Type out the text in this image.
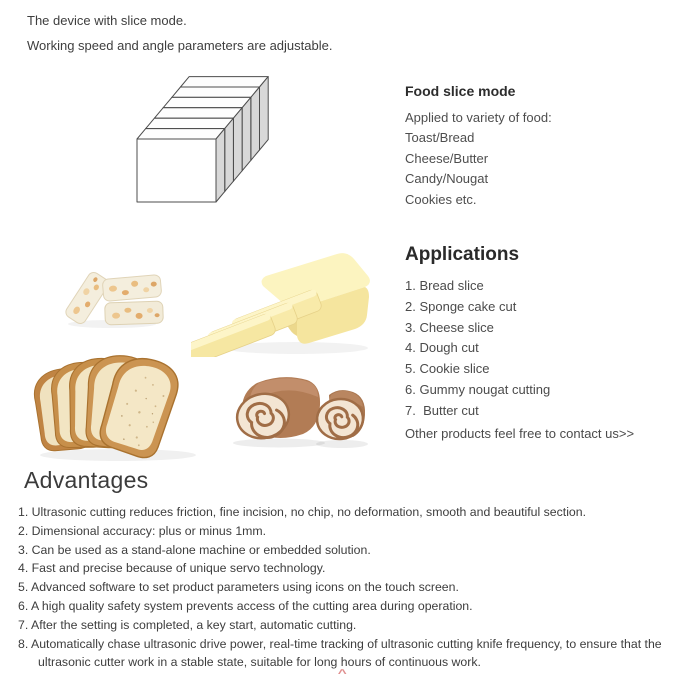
The device with slice mode.

Working speed and angle parameters are adjustable.

Food slice mode

Applied to variety of food:

Toast/Bread

Cheese/Butter

Candy/Nougat

Cookies etc.

Applications

1. Bread slice

2. Sponge cake cut

3. Cheese slice

4. Dough cut

5. Cookie slice

6. Gummy nougat cutting

7.  Butter cut

Other products feel free to contact us>>

Advantages
1. Ultrasonic cutting reduces friction, fine incision, no chip, no deformation, smooth and beautiful section.
2. Dimensional accuracy: plus or minus 1mm.
3. Can be used as a stand-alone machine or embedded solution.
4. Fast and precise because of unique servo technology.
5. Advanced software to set product parameters using icons on the touch screen.
6. A high quality safety system prevents access of the cutting area during operation.
7. After the setting is completed, a key start, automatic cutting.
8. Automatically chase ultrasonic drive power, real-time tracking of ultrasonic cutting knife frequency, to ensure that the
ultrasonic cutter work in a stable state, suitable for long hours of continuous work.
^
